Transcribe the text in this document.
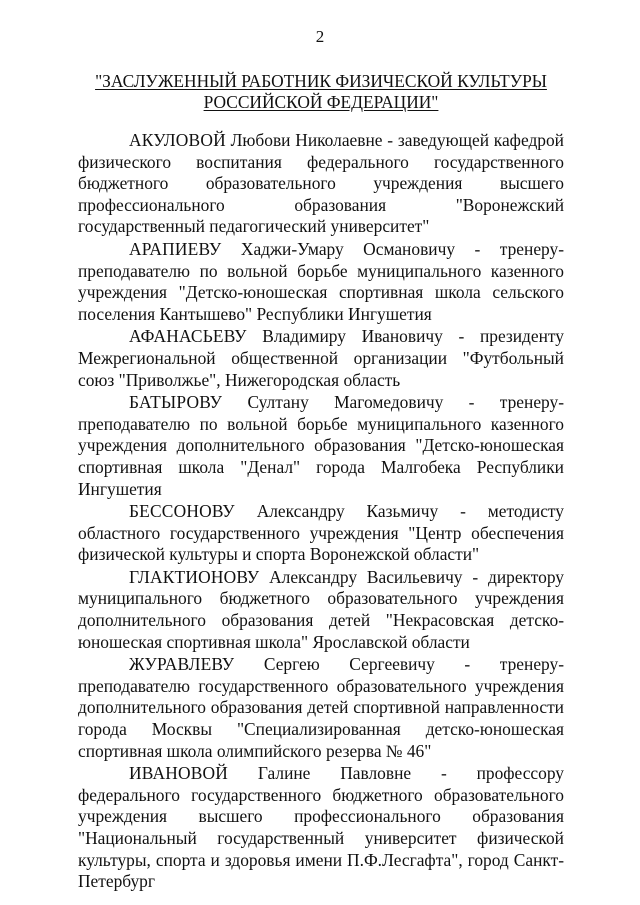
2
"ЗАСЛУЖЕННЫЙ РАБОТНИК ФИЗИЧЕСКОЙ КУЛЬТУРЫ РОССИЙСКОЙ ФЕДЕРАЦИИ"

АКУЛОВОЙ Любови Николаевне - заведующей кафедрой физического воспитания федерального государственного бюджетного образовательного учреждения высшего профессионального образования "Воронежский государственный педагогический университет"

АРАПИЕВУ Хаджи-Умару Османовичу - тренеру-преподавателю по вольной борьбе муниципального казенного учреждения "Детско-юношеская спортивная школа сельского поселения Кантышево" Республики Ингушетия

АФАНАСЬЕВУ Владимиру Ивановичу - президенту Межрегиональной общественной организации "Футбольный союз "Приволжье", Нижегородская область

БАТЫРОВУ Султану Магомедовичу - тренеру-преподавателю по вольной борьбе муниципального казенного учреждения дополнительного образования "Детско-юношеская спортивная школа "Денал" города Малгобека Республики Ингушетия

БЕССОНОВУ Александру Казьмичу - методисту областного государственного учреждения "Центр обеспечения физической культуры и спорта Воронежской области"

ГЛАКТИОНОВУ Александру Васильевичу - директору муниципального бюджетного образовательного учреждения дополнительного образования детей "Некрасовская детско-юношеская спортивная школа" Ярославской области

ЖУРАВЛЕВУ Сергею Сергеевичу - тренеру-преподавателю государственного образовательного учреждения дополнительного образования детей спортивной направленности города Москвы "Специализированная детско-юношеская спортивная школа олимпийского резерва № 46"

ИВАНОВОЙ Галине Павловне - профессору федерального государственного бюджетного образовательного учреждения высшего профессионального образования "Национальный государственный университет физической культуры, спорта и здоровья имени П.Ф.Лесгафта", город Санкт-Петербург
